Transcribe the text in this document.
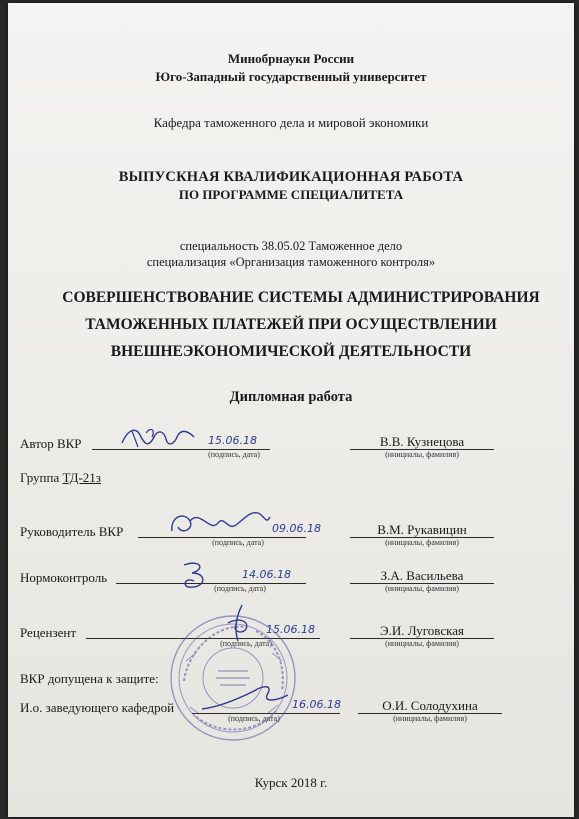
Минобрнауки России
Юго-Западный государственный университет
Кафедра таможенного дела и мировой экономики
ВЫПУСКНАЯ КВАЛИФИКАЦИОННАЯ РАБОТА
ПО ПРОГРАММЕ СПЕЦИАЛИТЕТА
специальность 38.05.02 Таможенное дело
специализация «Организация таможенного контроля»
СОВЕРШЕНСТВОВАНИЕ СИСТЕМЫ АДМИНИСТРИРОВАНИЯ
ТАМОЖЕННЫХ ПЛАТЕЖЕЙ ПРИ ОСУЩЕСТВЛЕНИИ
ВНЕШНЕЭКОНОМИЧЕСКОЙ ДЕЯТЕЛЬНОСТИ
Дипломная работа
Автор ВКР	15.06.18
(подпись, дата)
В.В. Кузнецова
(инициалы, фамилия)
Группа ТД-21з
Руководитель ВКР	09.06.18
(подпись, дата)
В.М. Рукавицин
(инициалы, фамилия)
Нормоконтроль	14.06.18
(подпись, дата)
З.А. Васильева
(инициалы, фамилия)
Рецензент	15.06.18
(подпись, дата)
Э.И. Луговская
(инициалы, фамилия)
ВКР допущена к защите:
И.о. заведующего кафедрой	16.06.18
(подпись, дата)
О.И. Солодухина
(инициалы, фамилия)
Курск 2018 г.
